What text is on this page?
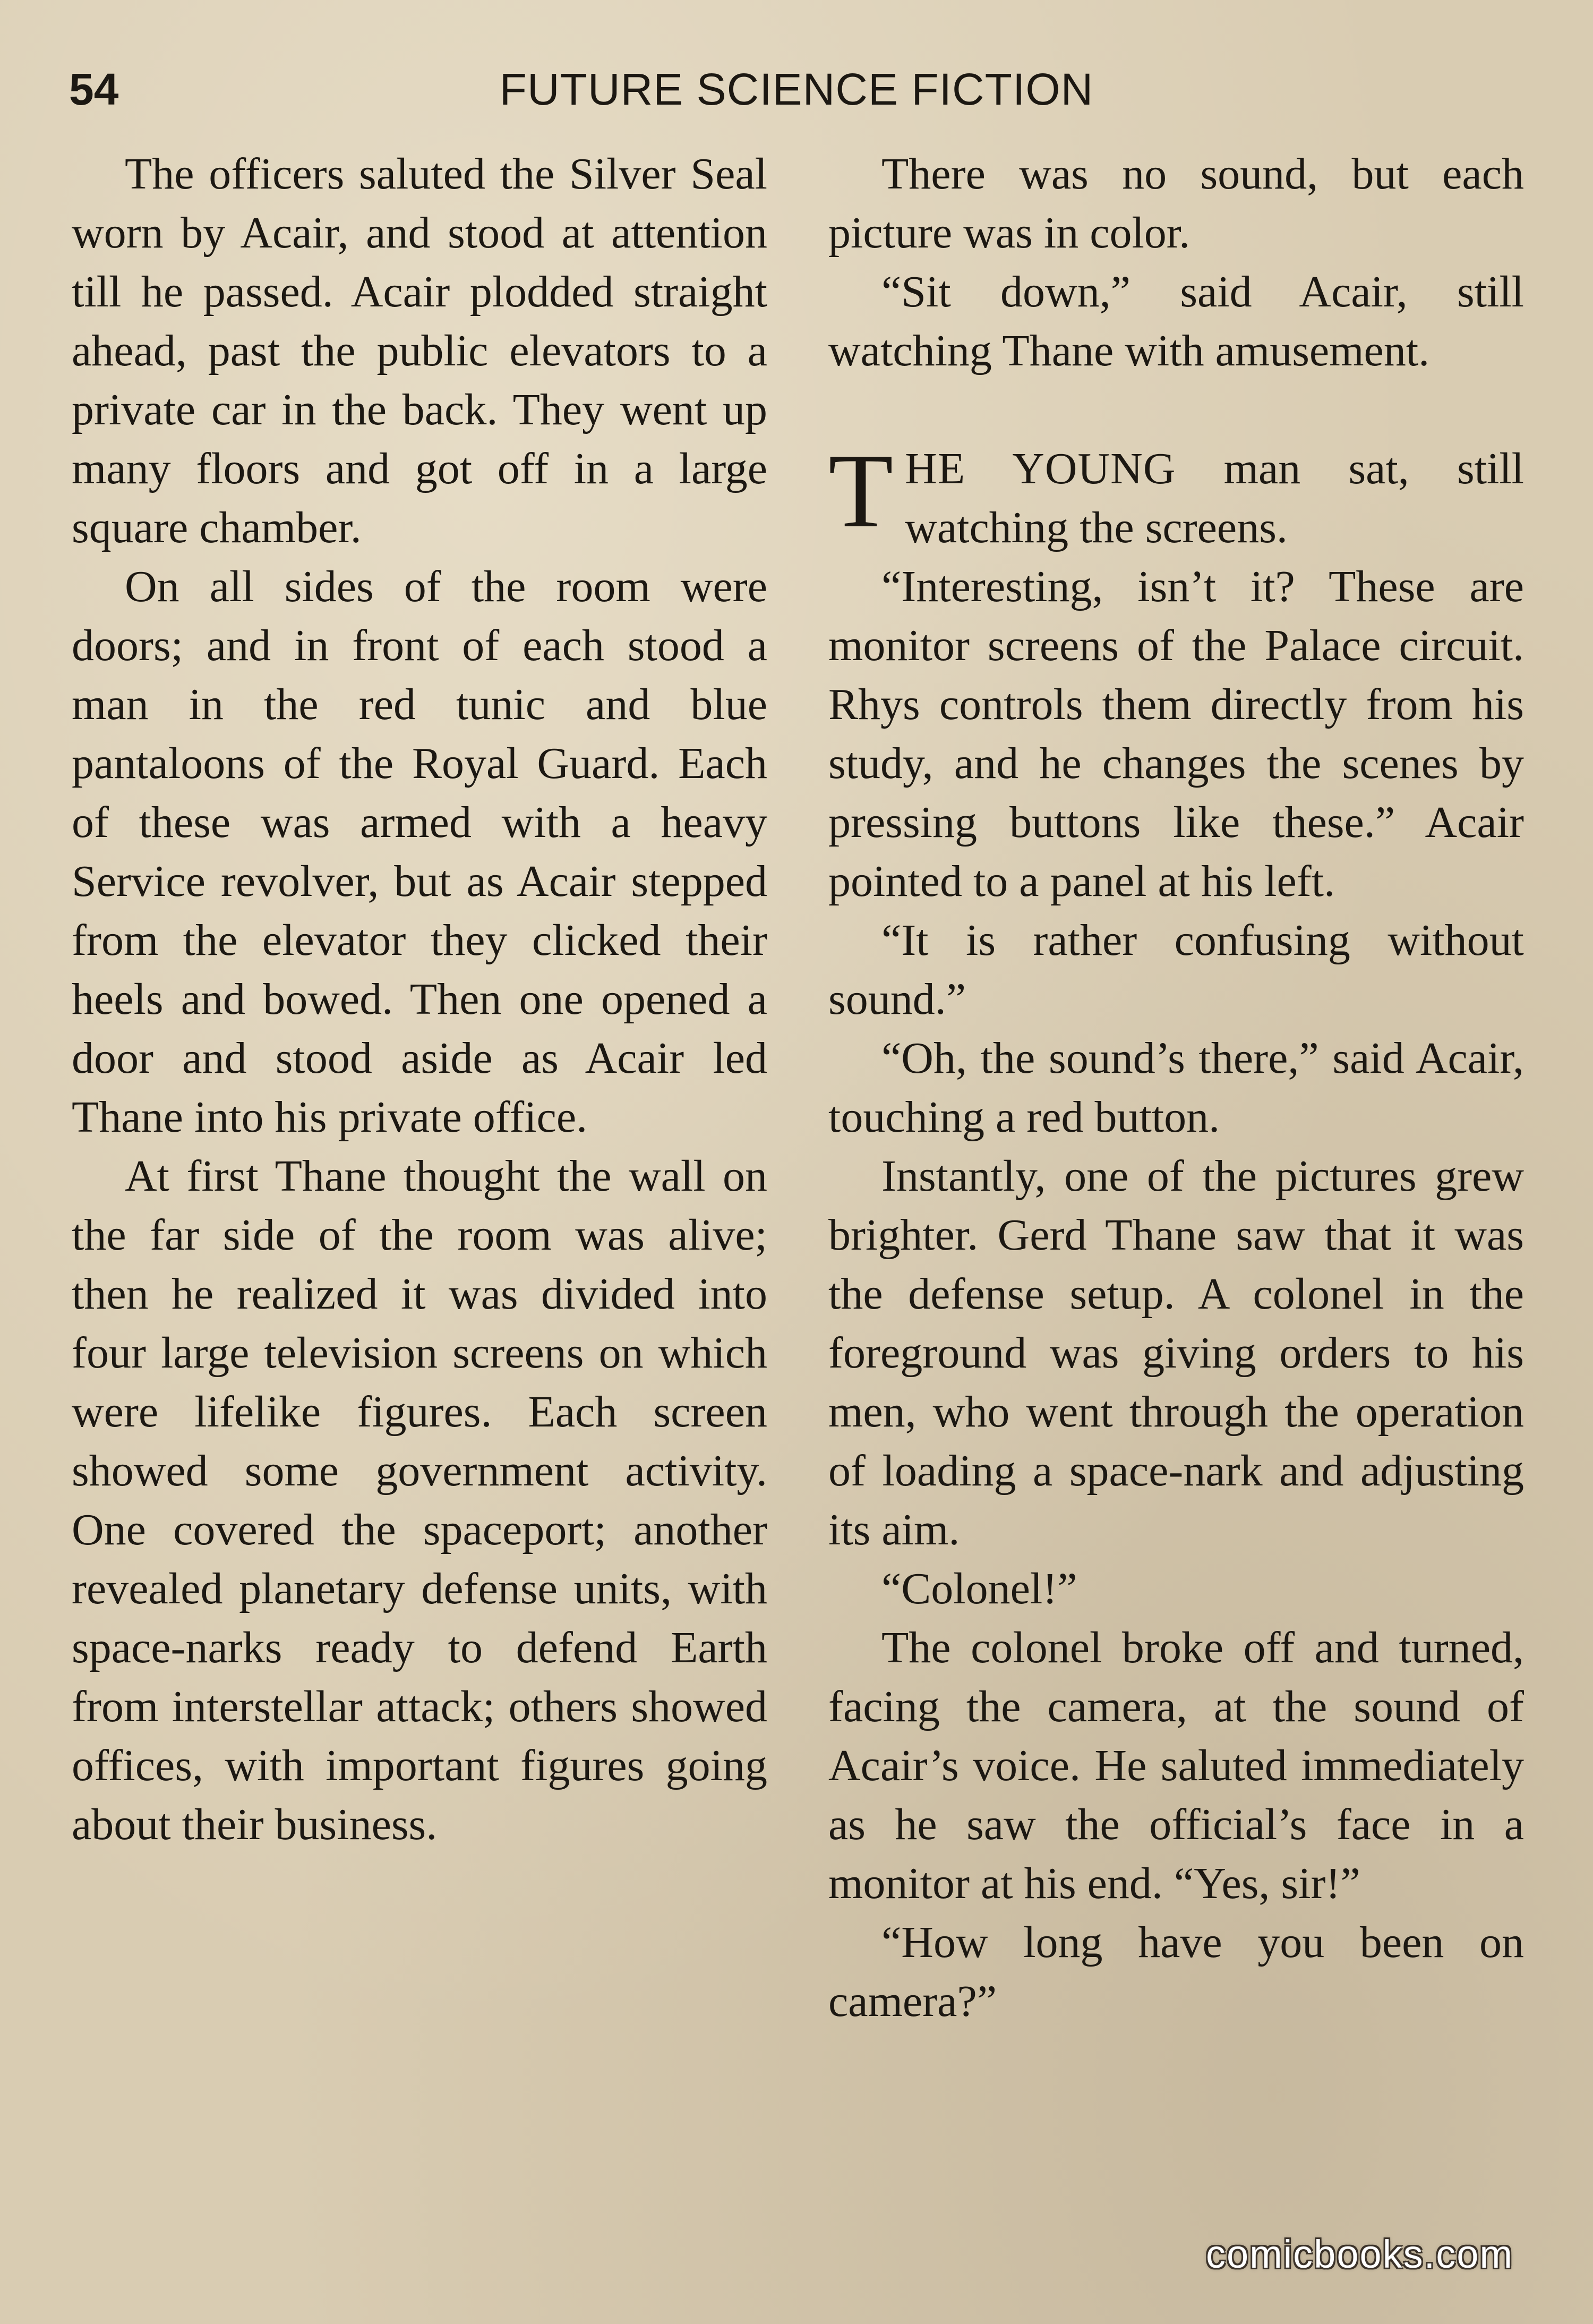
54	FUTURE SCIENCE FICTION

The officers saluted the Silver Seal worn by Acair, and stood at attention till he passed. Acair plodded straight ahead, past the public elevators to a private car in the back. They went up many floors and got off in a large square chamber.

On all sides of the room were doors; and in front of each stood a man in the red tunic and blue pantaloons of the Royal Guard. Each of these was armed with a heavy Service revolver, but as Acair stepped from the elevator they clicked their heels and bowed. Then one opened a door and stood aside as Acair led Thane into his private office.

At first Thane thought the wall on the far side of the room was alive; then he realized it was divided into four large television screens on which were lifelike figures. Each screen showed some government activity. One covered the spaceport; another revealed planetary defense units, with space-narks ready to defend Earth from interstellar attack; others showed offices, with important figures going about their business.

There was no sound, but each picture was in color.

“Sit down,” said Acair, still watching Thane with amusement.

THE YOUNG man sat, still watching the screens.

“Interesting, isn’t it? These are monitor screens of the Palace circuit. Rhys controls them directly from his study, and he changes the scenes by pressing buttons like these.” Acair pointed to a panel at his left.

“It is rather confusing without sound.”

“Oh, the sound’s there,” said Acair, touching a red button.

Instantly, one of the pictures grew brighter. Gerd Thane saw that it was the defense setup. A colonel in the foreground was giving orders to his men, who went through the operation of loading a space-nark and adjusting its aim.

“Colonel!”

The colonel broke off and turned, facing the camera, at the sound of Acair’s voice. He saluted immediately as he saw the official’s face in a monitor at his end. “Yes, sir!”

“How long have you been on camera?”

comicbooks.com
